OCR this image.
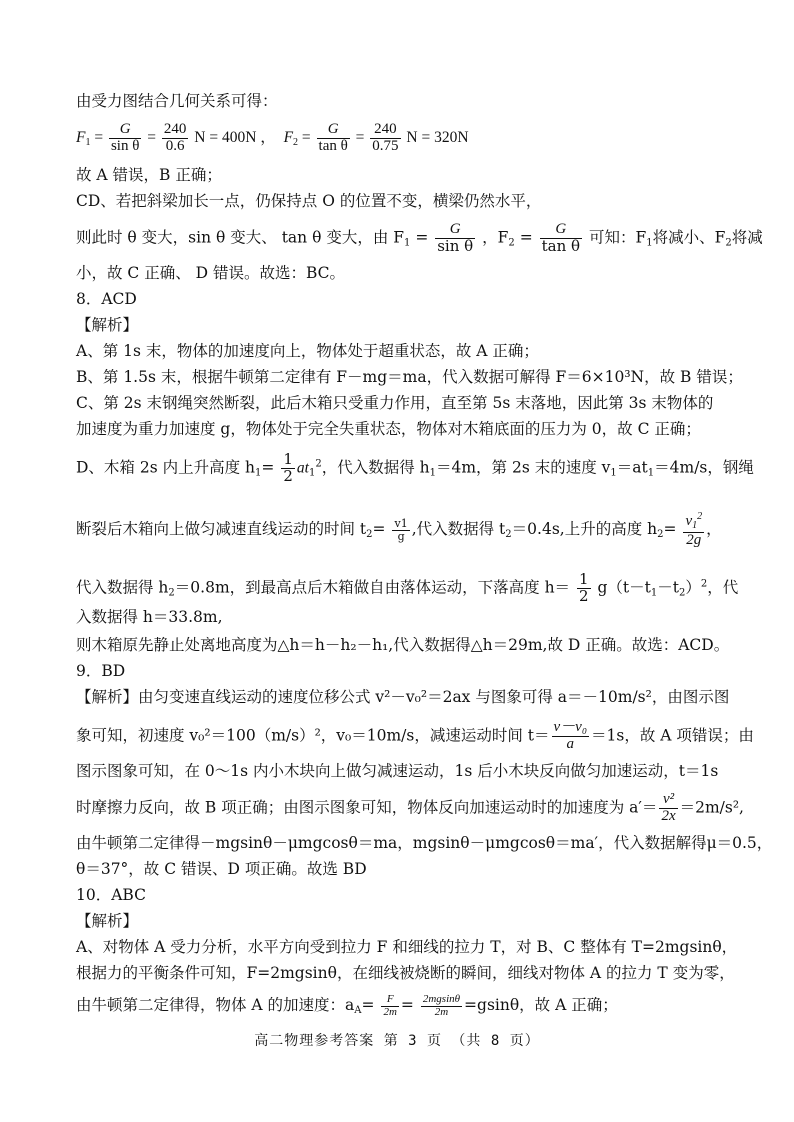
由受力图结合几何关系可得：
$F_1 = \frac{G}{\text{sin θ}} = \frac{240}{0.6}$ N = 400N ， $F_2 = \frac{G}{\text{tan θ}} = \frac{240}{0.75}$ N = 320N
故 A 错误，B 正确；
CD、若把斜梁加长一点，仍保持点 O 的位置不变，横梁仍然水平，
则此时 θ 变大，sin θ 变大、 tan θ 变大，由 $F_1 = \frac{G}{\text{sin θ}}$ ，$F_2 = \frac{G}{\text{tan θ}}$ 可知：$F_1$将减小、$F_2$将减
小，故 C 正确、 D 错误。故选：BC。
8．ACD
【解析】
A、第 1s 末，物体的加速度向上，物体处于超重状态，故 A 正确；
B、第 1.5s 末，根据牛顿第二定律有 F－mg＝ma，代入数据可解得 F＝6×10³N，故 B 错误；
C、第 2s 末钢绳突然断裂，此后木箱只受重力作用，直至第 5s 末落地，因此第 3s 末物体的
加速度为重力加速度 g，物体处于完全失重状态，物体对木箱底面的压力为 0，故 C 正确；
D、木箱 2s 内上升高度 $h_1= \frac{1}{2} at_1^2$，代入数据得 $h_1=4m$，第 2s 末的速度 $v_1=at_1=4m/s$，钢绳
断裂后木箱向上做匀减速直线运动的时间 $t_2= \frac{v1}{g}$ ,代入数据得 $t_2=0.4s$,上升的高度 $h_2= \frac{v_1^2}{2g}$ ，
代入数据得 $h_2=0.8m$，到最高点后木箱做自由落体运动，下落高度 $h= \frac{1}{2} g(t-t_1-t_2)^2$，代
入数据得 h＝33.8m,
则木箱原先静止处离地高度为△h＝h－h₂－h₁,代入数据得△h＝29m,故 D 正确。故选：ACD。
9．BD
【解析】由匀变速直线运动的速度位移公式 v²－v₀²＝2ax 与图象可得 a＝－10m/s²，由图示图
象可知，初速度 v₀²＝100（m/s）²，v₀＝10m/s，减速运动时间 $t= \frac{\text{v－v₀}}{a} =1s$，故 A 项错误；由
图示图象可知，在 0～1s 内小木块向上做匀减速运动，1s 后小木块反向做匀加速运动，t＝1s
时摩擦力反向，故 B 项正确；由图示图象可知，物体反向加速运动时的加速度为 $a'= \frac{\text{v²}}{2x} =2m/s^2$,
由牛顿第二定律得－mgsinθ－μmgcosθ＝ma，mgsinθ－μmgcosθ＝ma′，代入数据解得μ＝0.5，
θ＝37°，故 C 错误、D 项正确。故选 BD
10．ABC
【解析】
A、对物体 A 受力分析，水平方向受到拉力 F 和细线的拉力 T，对 B、C 整体有 T=2mgsinθ，
根据力的平衡条件可知，F=2mgsinθ，在细线被烧断的瞬间，细线对物体 A 的拉力 T 变为零，
由牛顿第二定律得，物体 A 的加速度：$a_A= \frac{F}{2m} = \frac{2mgsin\theta}{2m} =gsin\theta$，故 A 正确；
高二物理参考答案 第 3 页 （共 8 页）
